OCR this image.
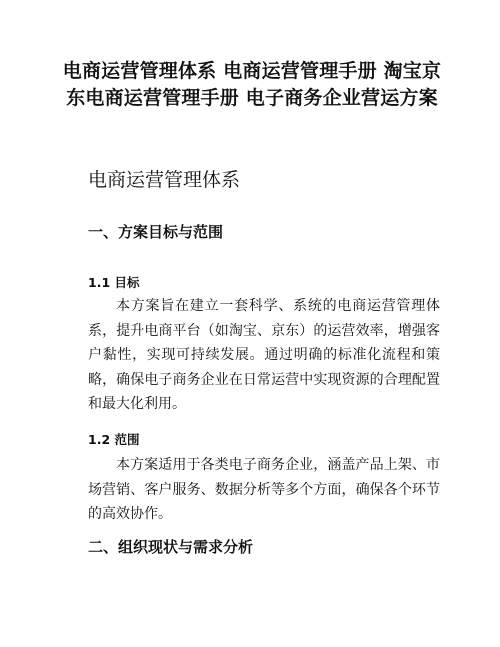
电商运营管理体系 电商运营管理手册 淘宝京东电商运营管理手册 电子商务企业营运方案
电商运营管理体系
一、方案目标与范围
1.1 目标

本方案旨在建立一套科学、系统的电商运营管理体系，提升电商平台（如淘宝、京东）的运营效率，增强客户黏性，实现可持续发展。通过明确的标准化流程和策略，确保电子商务企业在日常运营中实现资源的合理配置和最大化利用。

1.2 范围

本方案适用于各类电子商务企业，涵盖产品上架、市场营销、客户服务、数据分析等多个方面，确保各个环节的高效协作。

二、组织现状与需求分析
